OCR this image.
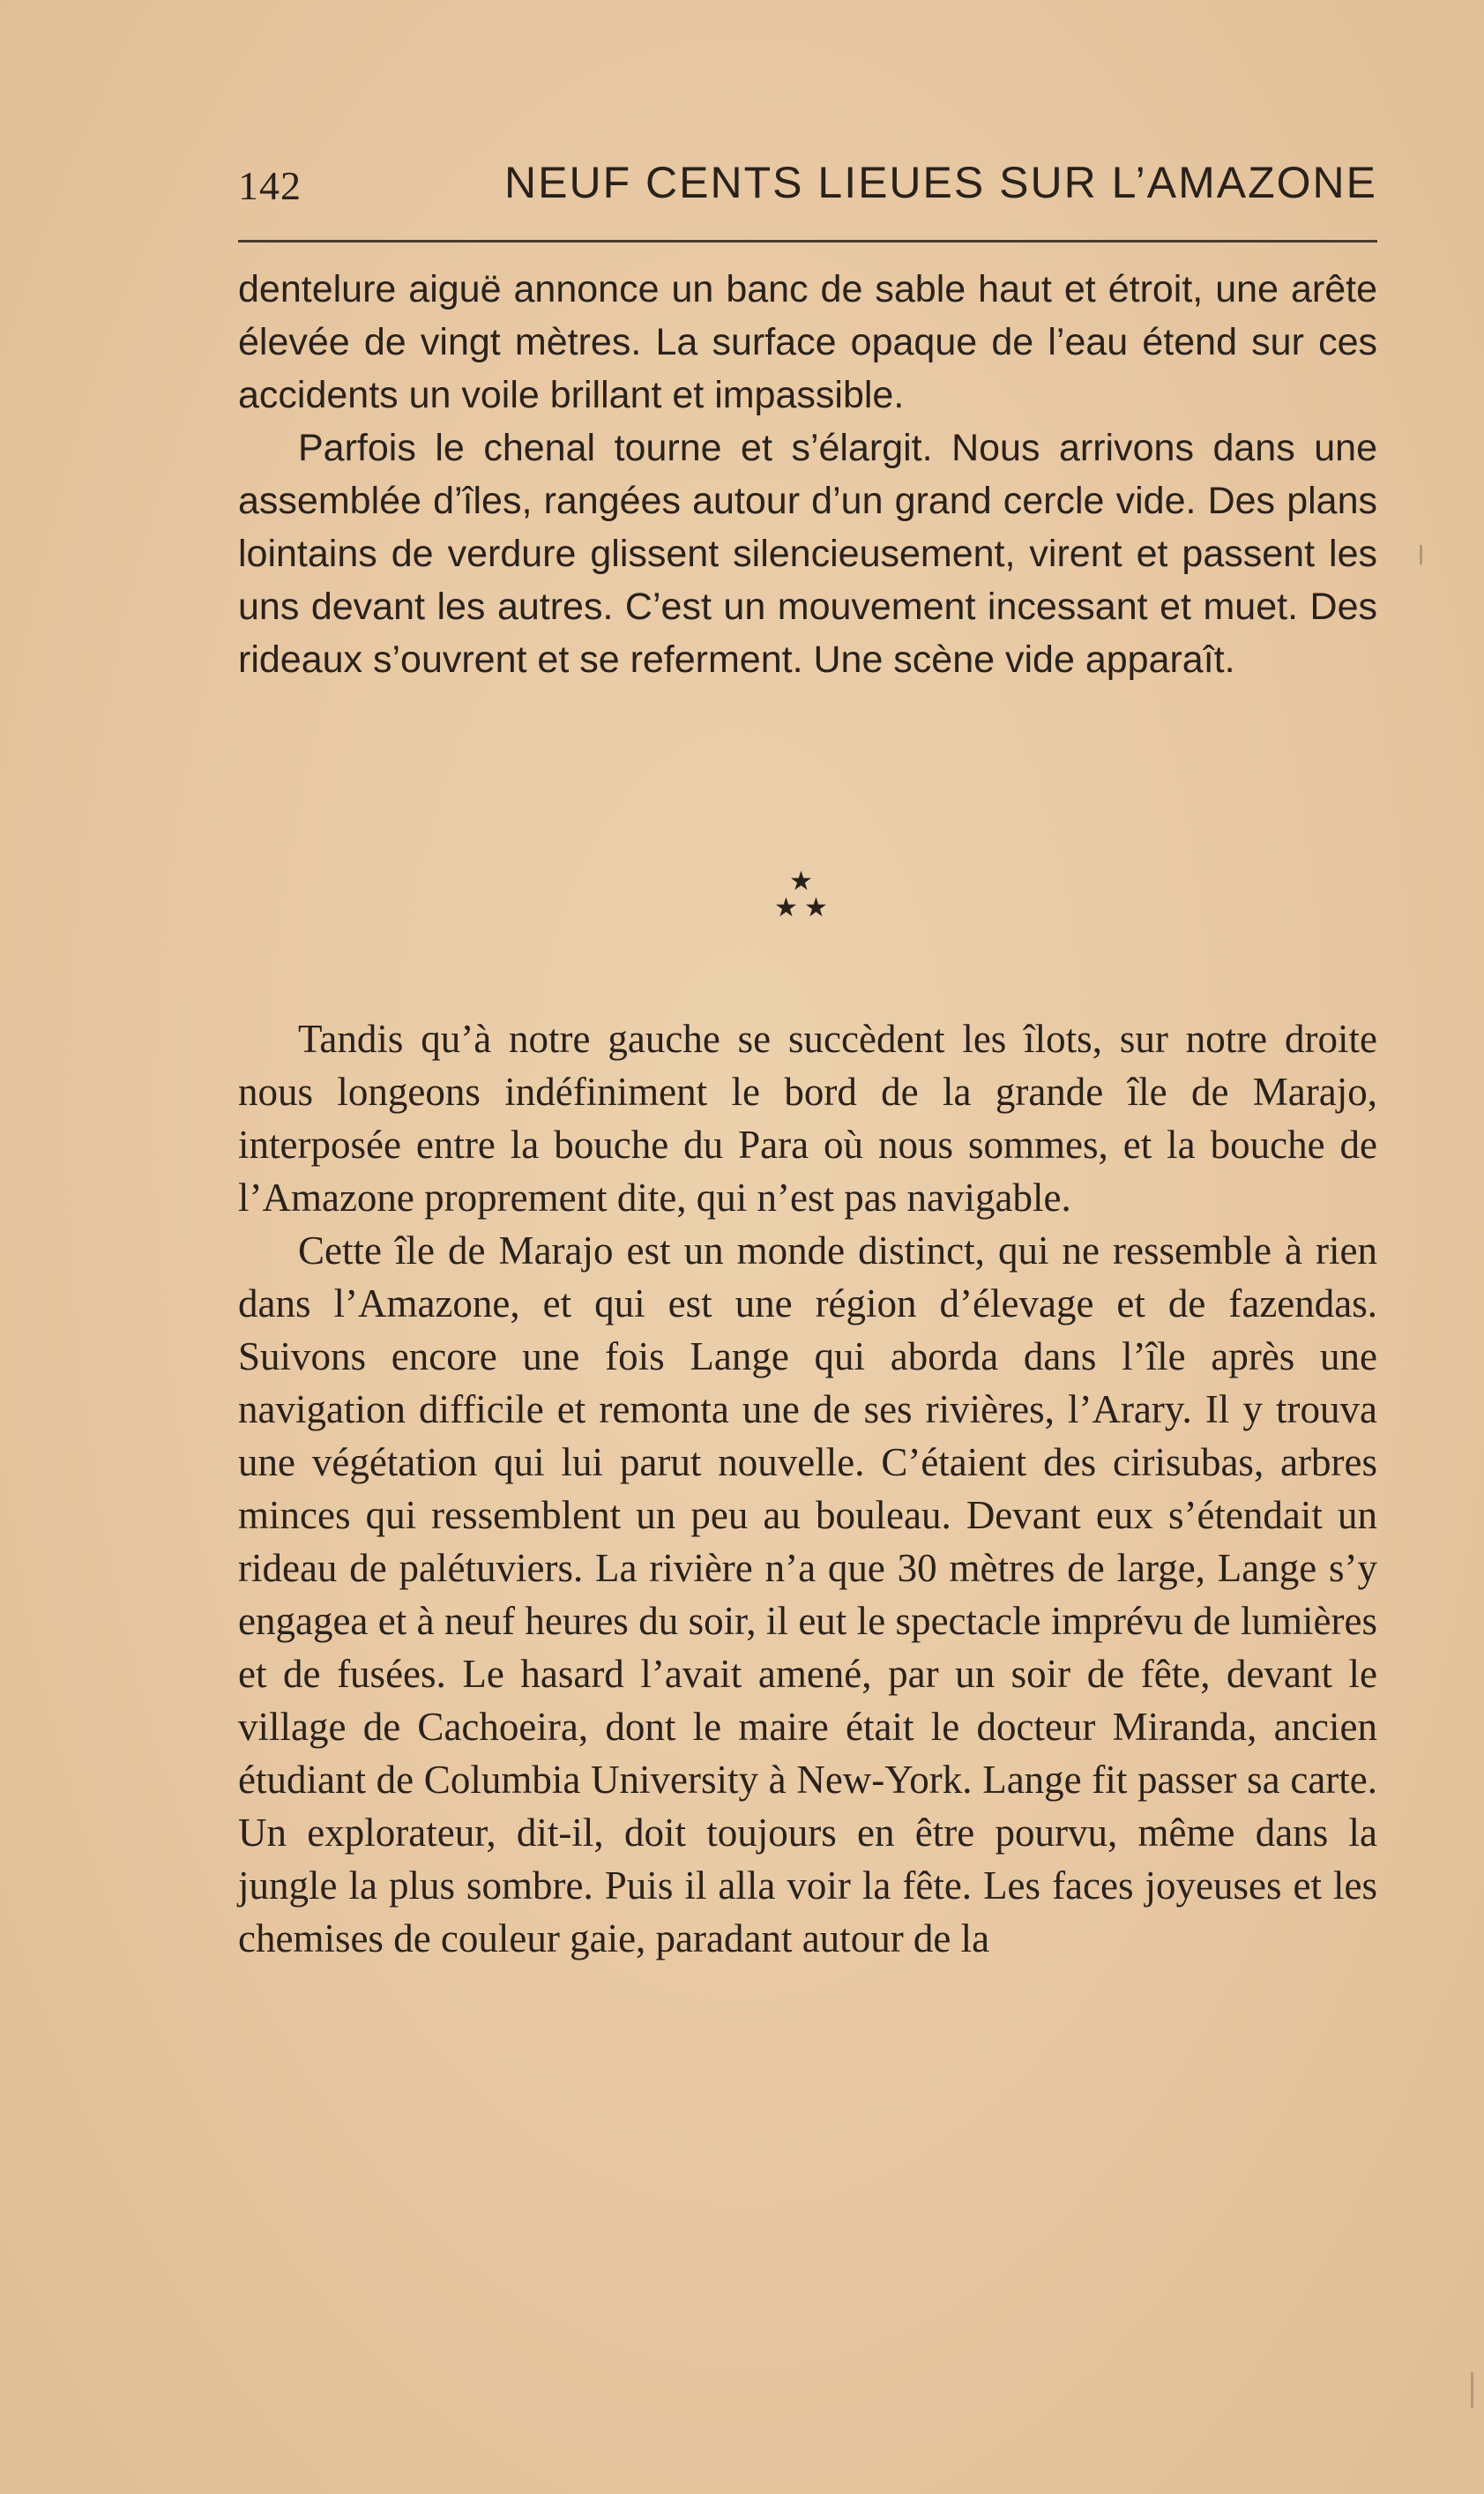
142	NEUF CENTS LIEUES SUR L’AMAZONE

dentelure aiguë annonce un banc de sable haut et étroit, une arête élevée de vingt mètres. La surface opaque de l’eau étend sur ces accidents un voile brillant et impassible.

Parfois le chenal tourne et s’élargit. Nous arrivons dans une assemblée d’îles, rangées autour d’un grand cercle vide. Des plans lointains de verdure glissent silencieusement, virent et passent les uns devant les autres. C’est un mouvement incessant et muet. Des rideaux s’ouvrent et se referment. Une scène vide apparaît.

★
★ ★

Tandis qu’à notre gauche se succèdent les îlots, sur notre droite nous longeons indéfiniment le bord de la grande île de Marajo, interposée entre la bouche du Para où nous sommes, et la bouche de l’Amazone proprement dite, qui n’est pas navigable.

Cette île de Marajo est un monde distinct, qui ne ressemble à rien dans l’Amazone, et qui est une région d’élevage et de fazendas. Suivons encore une fois Lange qui aborda dans l’île après une navigation difficile et remonta une de ses rivières, l’Arary. Il y trouva une végétation qui lui parut nouvelle. C’étaient des cirisubas, arbres minces qui ressemblent un peu au bouleau. Devant eux s’étendait un rideau de palétuviers. La rivière n’a que 30 mètres de large, Lange s’y engagea et à neuf heures du soir, il eut le spectacle imprévu de lumières et de fusées. Le hasard l’avait amené, par un soir de fête, devant le village de Cachoeira, dont le maire était le docteur Miranda, ancien étudiant de Columbia University à New-York. Lange fit passer sa carte. Un explorateur, dit-il, doit toujours en être pourvu, même dans la jungle la plus sombre. Puis il alla voir la fête. Les faces joyeuses et les chemises de couleur gaie, paradant autour de la
